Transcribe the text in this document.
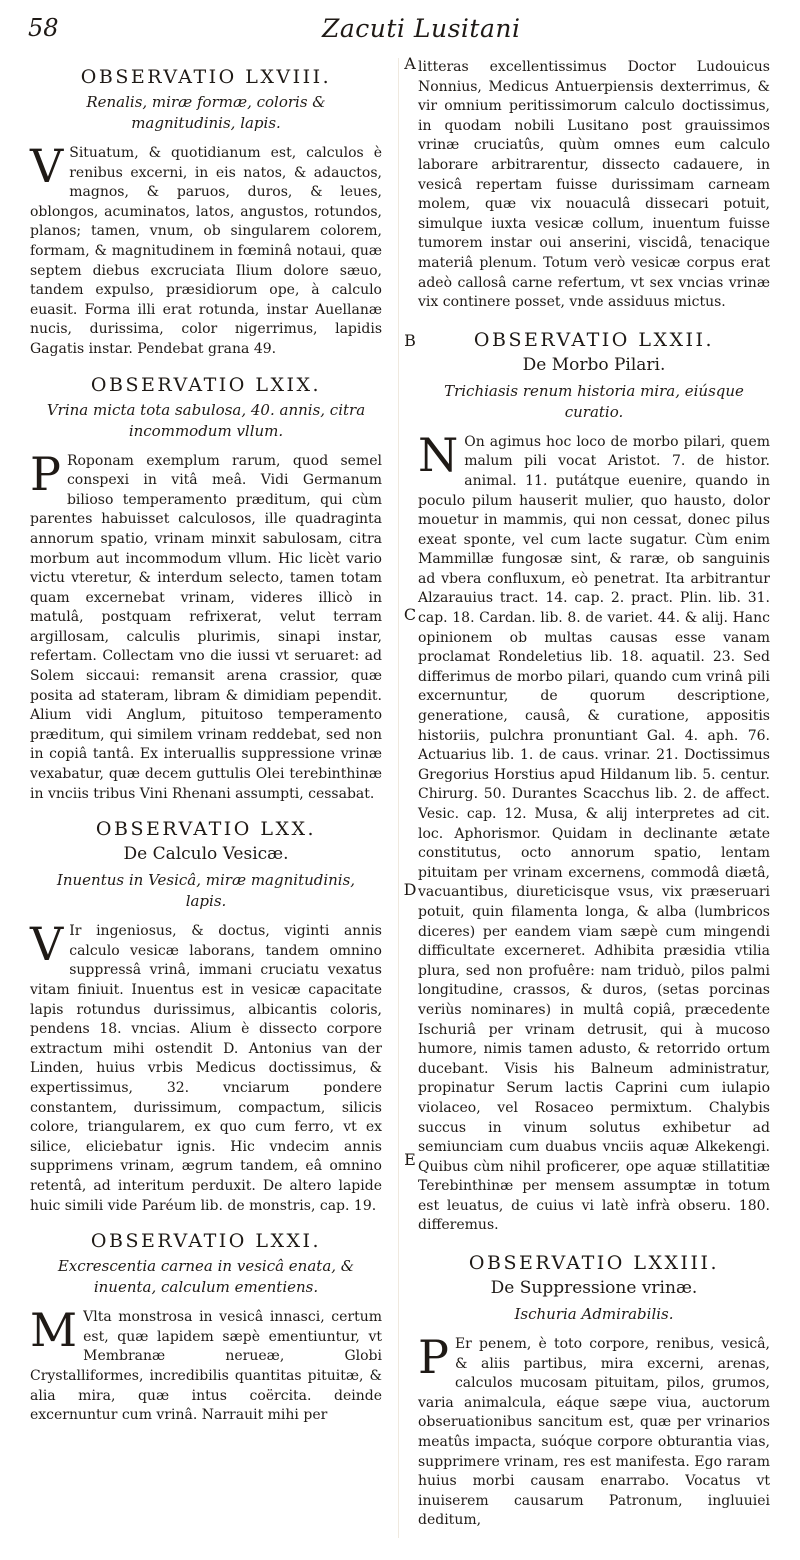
58	Zacuti Lusitani
A
B
C
D
E
OBSERVATIO LXVIII.
Renalis, miræ formæ, coloris & magnitudinis, lapis.

V Situatum, & quotidianum est, calculos è renibus excerni, in eis natos, & adauctos, magnos, & paruos, duros, & leues, oblongos, acuminatos, latos, angustos, rotundos, planos; tamen, vnum, ob singularem colorem, formam, & magnitudinem in fœminâ notaui, quæ septem diebus excruciata Ilium dolore sæuo, tandem expulso, præsidiorum ope, à calculo euasit. Forma illi erat rotunda, instar Auellanæ nucis, durissima, color nigerrimus, lapidis Gagatis instar. Pendebat grana 49.

OBSERVATIO LXIX.
Vrina micta tota sabulosa, 40. annis, citra incommodum vllum.

P Roponam exemplum rarum, quod semel conspexi in vitâ meâ. Vidi Germanum biliosо temperamento præditum, qui cùm parentes habuisset calculosos, ille quadraginta annorum spatio, vrinam minxit sabulosam, citra morbum aut incommodum vllum. Hic licèt vario victu vteretur, & interdum selecto, tamen totam quam excernebat vrinam, videres illicò in matulâ, postquam refrixerat, velut terram argillosam, calculis plurimis, sinapi instar, refertam. Collectam vno die iussi vt seruaret: ad Solem siccaui: remansit arena crassior, quæ posita ad stateram, libram & dimidiam pependit. Alium vidi Anglum, pituitoso temperamento præditum, qui similem vrinam reddebat, sed non in copiâ tantâ. Ex interuallis suppressione vrinæ vexabatur, quæ decem guttulis Olei terebinthinæ in vnciis tribus Vini Rhenani assumpti, cessabat.

OBSERVATIO LXX.
De Calculo Vesicæ.
Inuentus in Vesicâ, miræ magnitudinis, lapis.

V Ir ingeniosus, & doctus, viginti annis calculo vesicæ laborans, tandem omnino suppressâ vrinâ, immani cruciatu vexatus vitam finiuit. Inuentus est in vesicæ capacitate lapis rotundus durissimus, albicantis coloris, pendens 18. vncias. Alium è dissecto corpore extractum mihi ostendit D. Antonius van der Linden, huius vrbis Medicus doctissimus, & expertissimus, 32. vnciarum pondere constantem, durissimum, compactum, silicis colore, triangularem, ex quo cum ferro, vt ex silice, eliciebatur ignis. Hic vndecim annis supprimens vrinam, ægrum tandem, eâ omnino retentâ, ad interitum perduxit. De altero lapide huic simili vide Paréum lib. de monstris, cap. 19.

OBSERVATIO LXXI.
Excrescentia carnea in vesicâ enata, & inuenta, calculum ementiens.

M Vlta monstrosa in vesicâ innasci, certum est, quæ lapidem sæpè ementiuntur, vt Membranæ neruеæ, Globi Crystalliformes, incredibilis quantitas pituitæ, & alia mira, quæ intus coërcita. deinde excernuntur cum vrinâ. Narrauit mihi per

litteras excellentissimus Doctor Ludouicus Nonnius, Medicus Antuerpiensis dexterrimus, & vir omnium peritissimorum calculo doctissimus, in quodam nobili Lusitano post grauissimos vrinæ cruciatûs, quùm omnes eum calculo laborare arbitrarentur, dissecto cadauere, in vesicâ repertam fuisse durissimam carneam molem, quæ vix nouaculâ dissecari potuit, simulque iuxta vesicæ collum, inuentum fuisse tumorem instar oui anserini, viscidâ, tenacique materiâ plenum. Totum verò vesicæ corpus erat adeò callosâ carne refertum, vt sex vncias vrinæ vix continere posset, vnde assiduus mictus.

OBSERVATIO LXXII.
De Morbo Pilari.
Trichiasis renum historia mira, eiúsque curatio.

N On agimus hoc loco de morbo pilari, quem malum pili vocat Aristot. 7. de histor. animal. 11. putátque euenire, quando in poculo pilum hauserit mulier, quo hausto, dolor mouetur in mammis, qui non cessat, donec pilus exeat sponte, vel cum lacte sugatur. Cùm enim Mammillæ fungosæ sint, & raræ, ob sanguinis ad vbera confluxum, eò penetrat. Ita arbitrantur Alzarauius tract. 14. cap. 2. pract. Plin. lib. 31. cap. 18. Cardan. lib. 8. de variet. 44. & alij. Hanc opinionem ob multas causas esse vanam proclamat Rondeletius lib. 18. aquatil. 23. Sed differimus de morbo pilari, quando cum vrinâ pili excernuntur, de quorum descriptione, generatione, causâ, & curatione, appositis historiis, pulchra pronuntiant Gal. 4. aph. 76. Actuarius lib. 1. de caus. vrinar. 21. Doctissimus Gregorius Horstius apud Hildanum lib. 5. centur. Chirurg. 50. Durantes Scacchus lib. 2. de affect. Vesic. cap. 12. Musa, & alij interpretes ad cit. loc. Aphorismor. Quidam in declinante ætate constitutus, octo annorum spatio, lentam pituitam per vrinam excernens, commodâ diætâ, vacuantibus, diureticisque vsus, vix præseruari potuit, quin filamenta longa, & alba (lumbricos diceres) per eandem viam sæpè cum mingendi difficultate excerneret. Adhibita præsidia vtilia plura, sed non profuêre: nam triduò, pilos palmi longitudine, crassos, & duros, (setas porcinas veriùs nominares) in multâ copiâ, præcedente Ischuriâ per vrinam detrusit, qui à mucoso humore, nimis tamen adusto, & retorrido ortum ducebant. Visis his Balneum administratur, propinatur Serum lactis Caprini cum iulapio violaceo, vel Rosaceo permixtum. Chalybis succus in vinum solutus exhibetur ad semiunciam cum duabus vnciis aquæ Alkekengi. Quibus cùm nihil proficerer, ope aquæ stillatitiæ Terebinthinæ per mensem assumptæ in totum est leuatus, de cuius vi latè infrà obseru. 180. differemus.

OBSERVATIO LXXIII.
De Suppressione vrinæ.
Ischuria Admirabilis.

P Er penem, è toto corpore, renibus, vesicâ, & aliis partibus, mira excerni, arenas, calculos mucosam pituitam, pilos, grumos, varia animalcula, eáque sæpe viua, auctorum obseruationibus sancitum est, quæ per vrinarios meatûs impacta, suóque corpore obturantia vias, supprimere vrinam, res est manifesta. Ego raram huius morbi causam enarrabo. Vocatus vt inuiserem causarum Patronum, ingluuiei deditum,
